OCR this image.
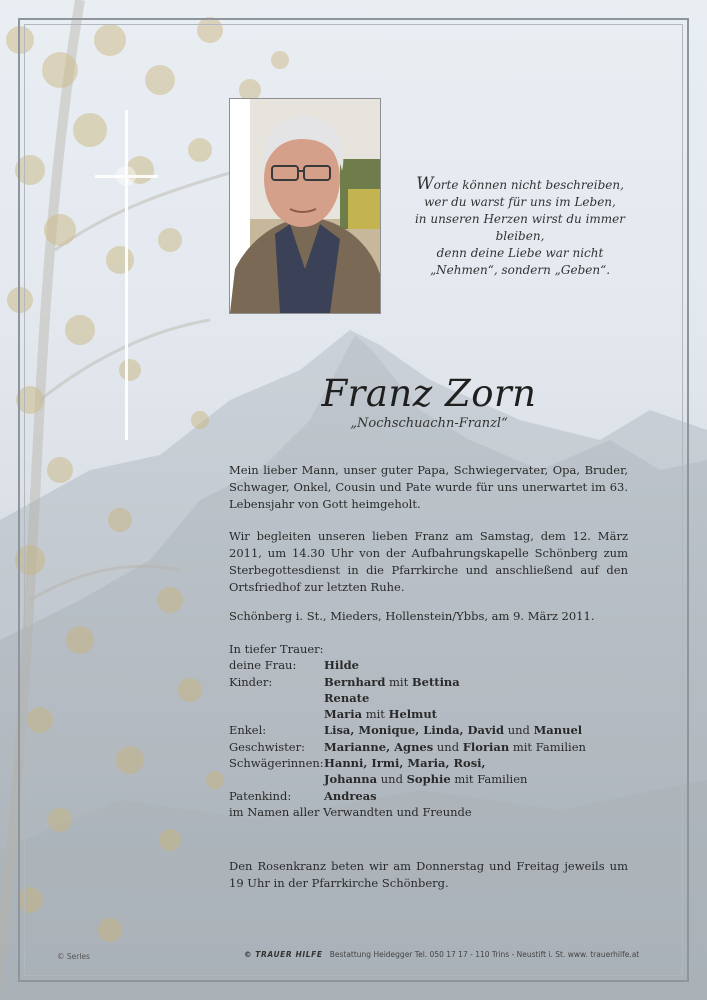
Worte können nicht beschreiben,
wer du warst für uns im Leben,
in unseren Herzen wirst du immer bleiben,
denn deine Liebe war nicht
„Nehmen“, sondern „Geben“.
Franz Zorn
„Nochschuachn-Franzl“
Mein lieber Mann, unser guter Papa, Schwiegervater, Opa, Bruder, Schwager, Onkel, Cousin und Pate wurde für uns unerwartet im 63. Lebensjahr von Gott heimgeholt.
Wir begleiten unseren lieben Franz am Samstag, dem 12. März 2011, um 14.30 Uhr von der Aufbahrungskapelle Schönberg zum Sterbegottesdienst in die Pfarrkirche und anschließend auf den Ortsfriedhof zur letzten Ruhe.
Schönberg i. St., Mieders, Hollenstein/Ybbs, am 9. März 2011.
In tiefer Trauer:
deine Frau:	Hilde
Kinder:	Bernhard mit Bettina
Renate
Maria mit Helmut
Enkel:	Lisa, Monique, Linda, David und Manuel
Geschwister:	Marianne, Agnes und Florian mit Familien
Schwägerinnen: Hanni, Irmi, Maria, Rosi,
Johanna und Sophie mit Familien
Patenkind:	Andreas
im Namen aller Verwandten und Freunde
Den Rosenkranz beten wir am Donnerstag und Freitag jeweils um 19 Uhr in der Pfarrkirche Schönberg.
© Serles	© TRAUER HILFE Bestattung Heidegger Tel. 050 17 17 - 110 Trins - Neustift i. St. www. trauerhilfe.at
